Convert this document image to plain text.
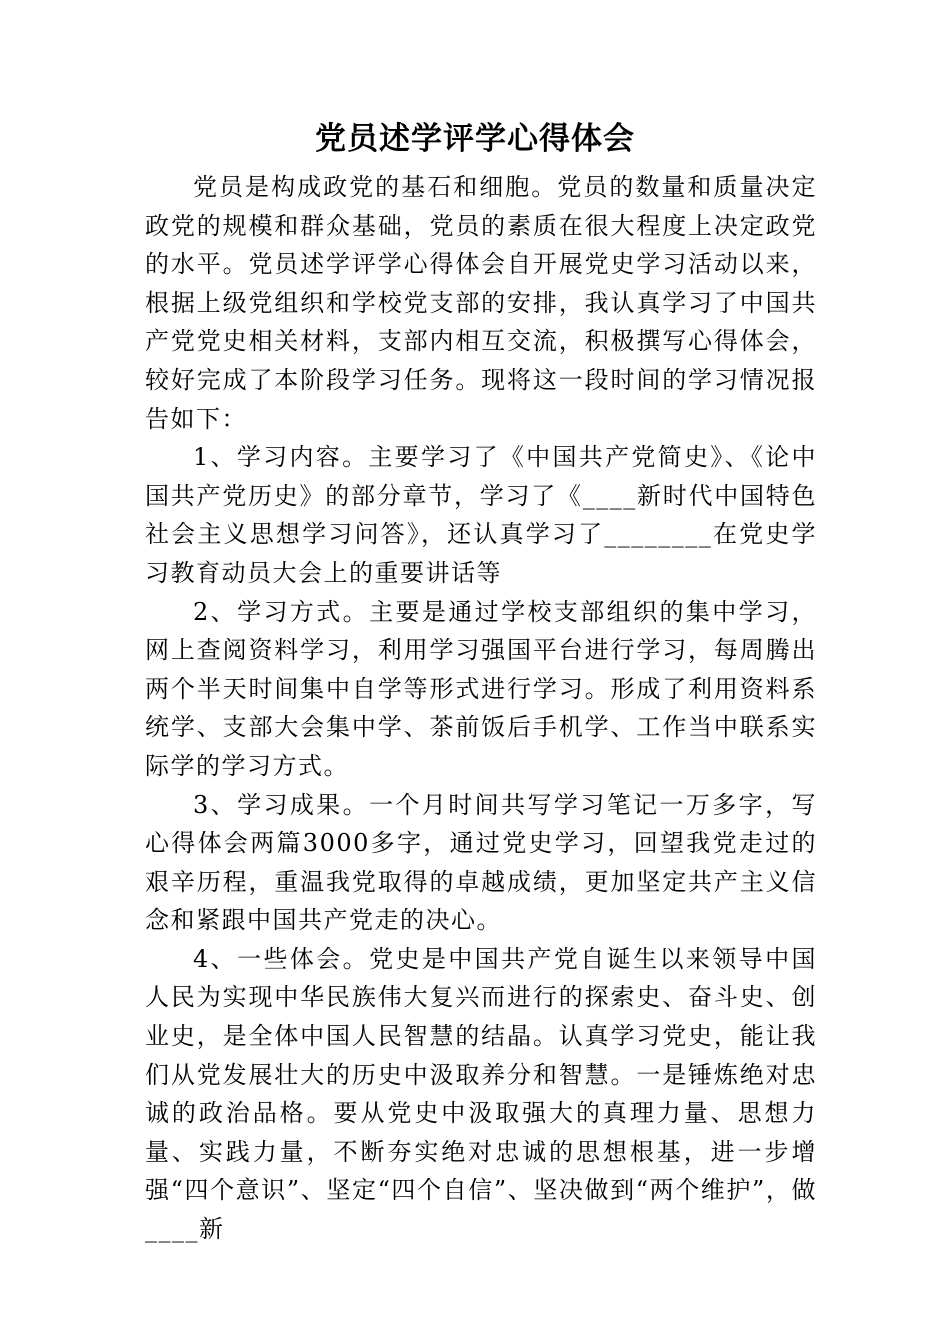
党员述学评学心得体会

党员是构成政党的基石和细胞。党员的数量和质量决定政党的规模和群众基础，党员的素质在很大程度上决定政党的水平。党员述学评学心得体会自开展党史学习活动以来，根据上级党组织和学校党支部的安排，我认真学习了中国共产党党史相关材料，支部内相互交流，积极撰写心得体会，较好完成了本阶段学习任务。现将这一段时间的学习情况报告如下：

1、学习内容。主要学习了《中国共产党简史》、《论中国共产党历史》的部分章节，学习了《____新时代中国特色社会主义思想学习问答》，还认真学习了________在党史学习教育动员大会上的重要讲话等

2、学习方式。主要是通过学校支部组织的集中学习，网上查阅资料学习，利用学习强国平台进行学习，每周腾出两个半天时间集中自学等形式进行学习。形成了利用资料系统学、支部大会集中学、茶前饭后手机学、工作当中联系实际学的学习方式。

3、学习成果。一个月时间共写学习笔记一万多字，写心得体会两篇3000多字，通过党史学习，回望我党走过的艰辛历程，重温我党取得的卓越成绩，更加坚定共产主义信念和紧跟中国共产党走的决心。

4、一些体会。党史是中国共产党自诞生以来领导中国人民为实现中华民族伟大复兴而进行的探索史、奋斗史、创业史，是全体中国人民智慧的结晶。认真学习党史，能让我们从党发展壮大的历史中汲取养分和智慧。一是锤炼绝对忠诚的政治品格。要从党史中汲取强大的真理力量、思想力量、实践力量，不断夯实绝对忠诚的思想根基，进一步增强“四个意识”、坚定“四个自信”、坚决做到“两个维护”，做____新
